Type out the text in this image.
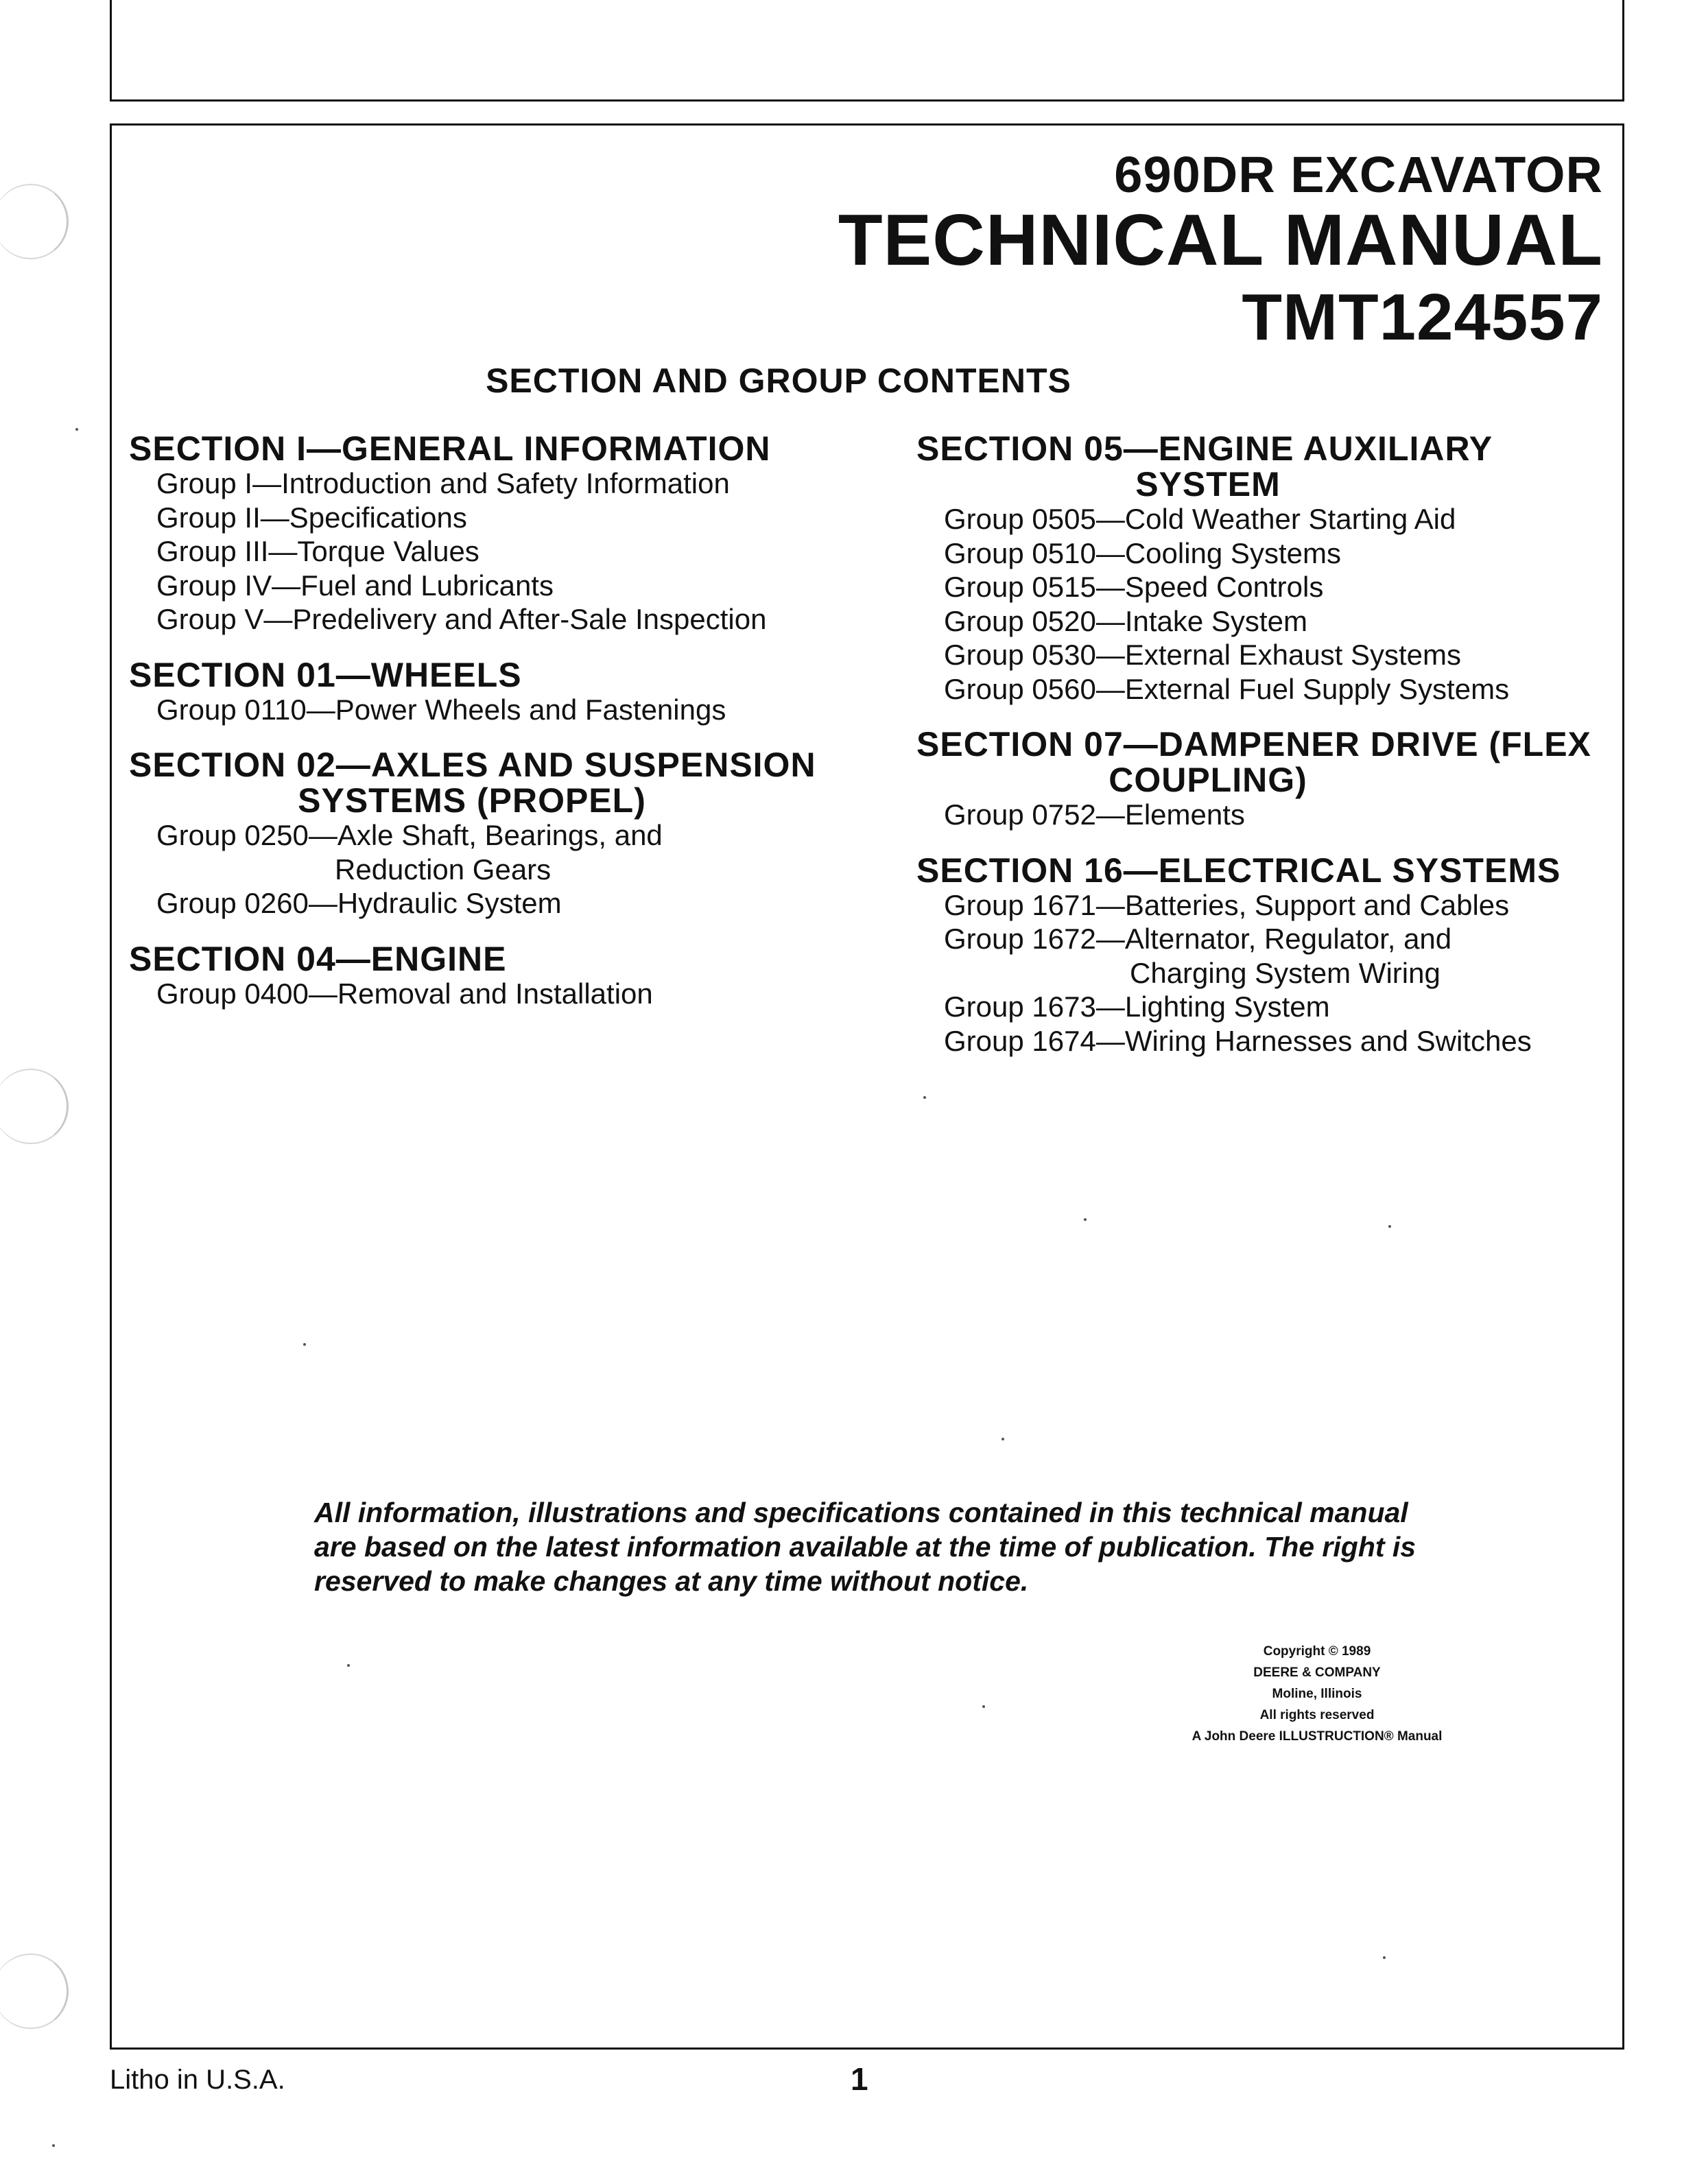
690DR EXCAVATOR
TECHNICAL MANUAL
TMT124557
SECTION AND GROUP CONTENTS
SECTION I—GENERAL INFORMATION
Group I—Introduction and Safety Information
Group II—Specifications
Group III—Torque Values
Group IV—Fuel and Lubricants
Group V—Predelivery and After-Sale Inspection
SECTION 01—WHEELS
Group 0110—Power Wheels and Fastenings
SECTION 02—AXLES AND SUSPENSION
SYSTEMS (PROPEL)
Group 0250—Axle Shaft, Bearings, and
Reduction Gears
Group 0260—Hydraulic System
SECTION 04—ENGINE
Group 0400—Removal and Installation
SECTION 05—ENGINE AUXILIARY
SYSTEM
Group 0505—Cold Weather Starting Aid
Group 0510—Cooling Systems
Group 0515—Speed Controls
Group 0520—Intake System
Group 0530—External Exhaust Systems
Group 0560—External Fuel Supply Systems
SECTION 07—DAMPENER DRIVE (FLEX
COUPLING)
Group 0752—Elements
SECTION 16—ELECTRICAL SYSTEMS
Group 1671—Batteries, Support and Cables
Group 1672—Alternator, Regulator, and
Charging System Wiring
Group 1673—Lighting System
Group 1674—Wiring Harnesses and Switches
All information, illustrations and specifications contained in this technical manual are based on the latest information available at the time of publication. The right is reserved to make changes at any time without notice.
Copyright © 1989
DEERE & COMPANY
Moline, Illinois
All rights reserved
A John Deere ILLUSTRUCTION® Manual
Litho in U.S.A.	1
